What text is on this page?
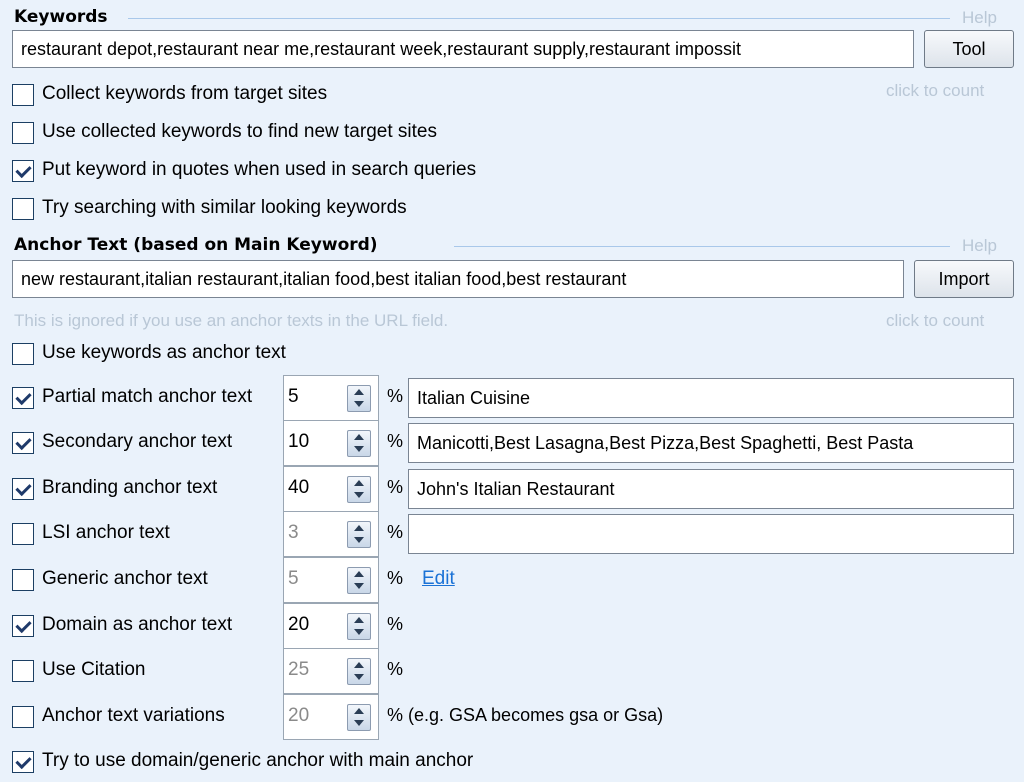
Keywords	Help
restaurant depot,restaurant near me,restaurant week,restaurant supply,restaurant impossit	Tool
click to count
Collect keywords from target sites
Use collected keywords to find new target sites
Put keyword in quotes when used in search queries
Try searching with similar looking keywords
Anchor Text (based on Main Keyword)	Help
new restaurant,italian restaurant,italian food,best italian food,best restaurant	Import
This is ignored if you use an anchor texts in the URL field.	click to count
Use keywords as anchor text
Partial match anchor text 5	% Italian Cuisine
Secondary anchor text	10	% Manicotti,Best Lasagna,Best Pizza,Best Spaghetti, Best Pasta
Branding anchor text	40	% John's Italian Restaurant
LSI anchor text	3	%
Generic anchor text	5	% Edit
Domain as anchor text	20	%
Use Citation	25	%
Anchor text variations	20	% (e.g. GSA becomes gsa or Gsa)
Try to use domain/generic anchor with main anchor
